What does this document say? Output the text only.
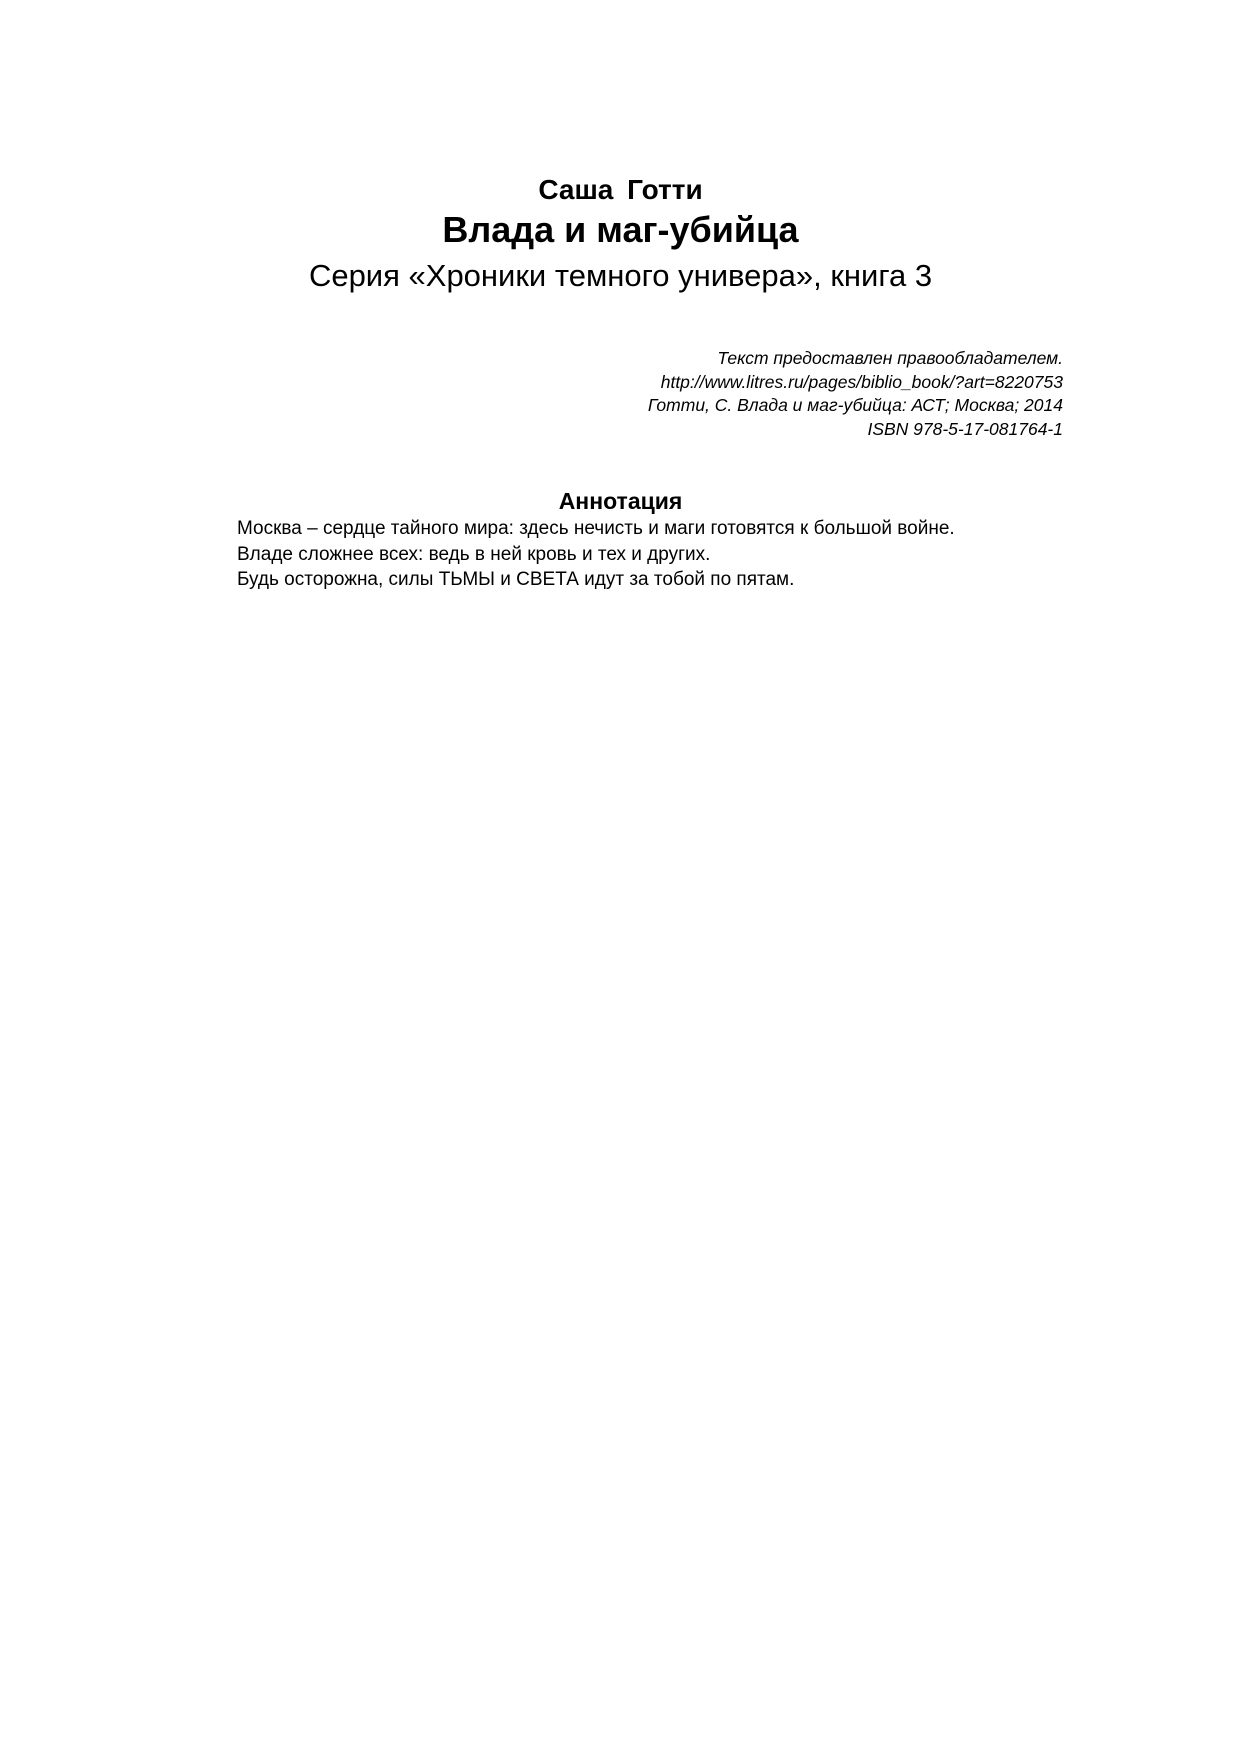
Саша Готти
Влада и маг-убийца
Серия «Хроники темного универа», книга 3
Текст предоставлен правообладателем.
http://www.litres.ru/pages/biblio_book/?art=8220753
Готти, С. Влада и маг-убийца: АСТ; Москва; 2014
ISBN 978-5-17-081764-1
Аннотация
Москва – сердце тайного мира: здесь нечисть и маги готовятся к большой войне.
Владе сложнее всех: ведь в ней кровь и тех и других.
Будь осторожна, силы ТЬМЫ и СВЕТА идут за тобой по пятам.
